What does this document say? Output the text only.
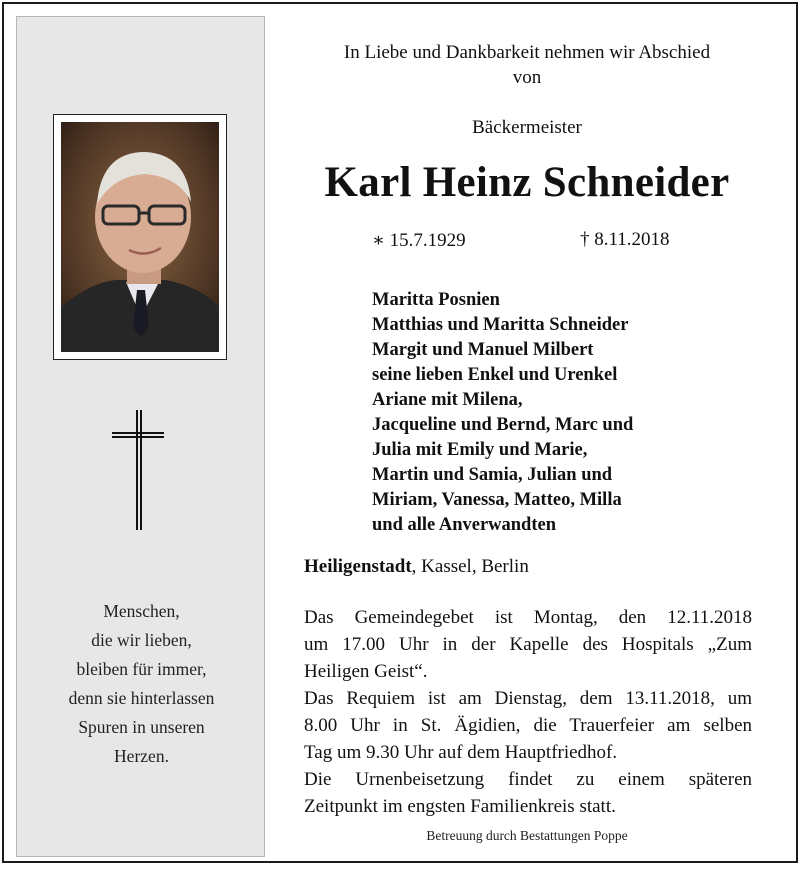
Menschen,
die wir lieben,
bleiben für immer,
denn sie hinterlassen
Spuren in unseren
Herzen.
In Liebe und Dankbarkeit nehmen wir Abschied
von
Bäckermeister
Karl Heinz Schneider
∗ 15.7.1929	† 8.11.2018
Maritta Posnien
Matthias und Maritta Schneider
Margit und Manuel Milbert
seine lieben Enkel und Urenkel
Ariane mit Milena,
Jacqueline und Bernd, Marc und
Julia mit Emily und Marie,
Martin und Samia, Julian und
Miriam, Vanessa, Matteo, Milla
und alle Anverwandten
Heiligenstadt, Kassel, Berlin
Das Gemeindegebet ist Montag, den 12.11.2018
um 17.00 Uhr in der Kapelle des Hospitals „Zum
Heiligen Geist“.
Das Requiem ist am Dienstag, dem 13.11.2018, um
8.00 Uhr in St. Ägidien, die Trauerfeier am selben
Tag um 9.30 Uhr auf dem Hauptfriedhof.
Die Urnenbeisetzung findet zu einem späteren
Zeitpunkt im engsten Familienkreis statt.
Betreuung durch Bestattungen Poppe
